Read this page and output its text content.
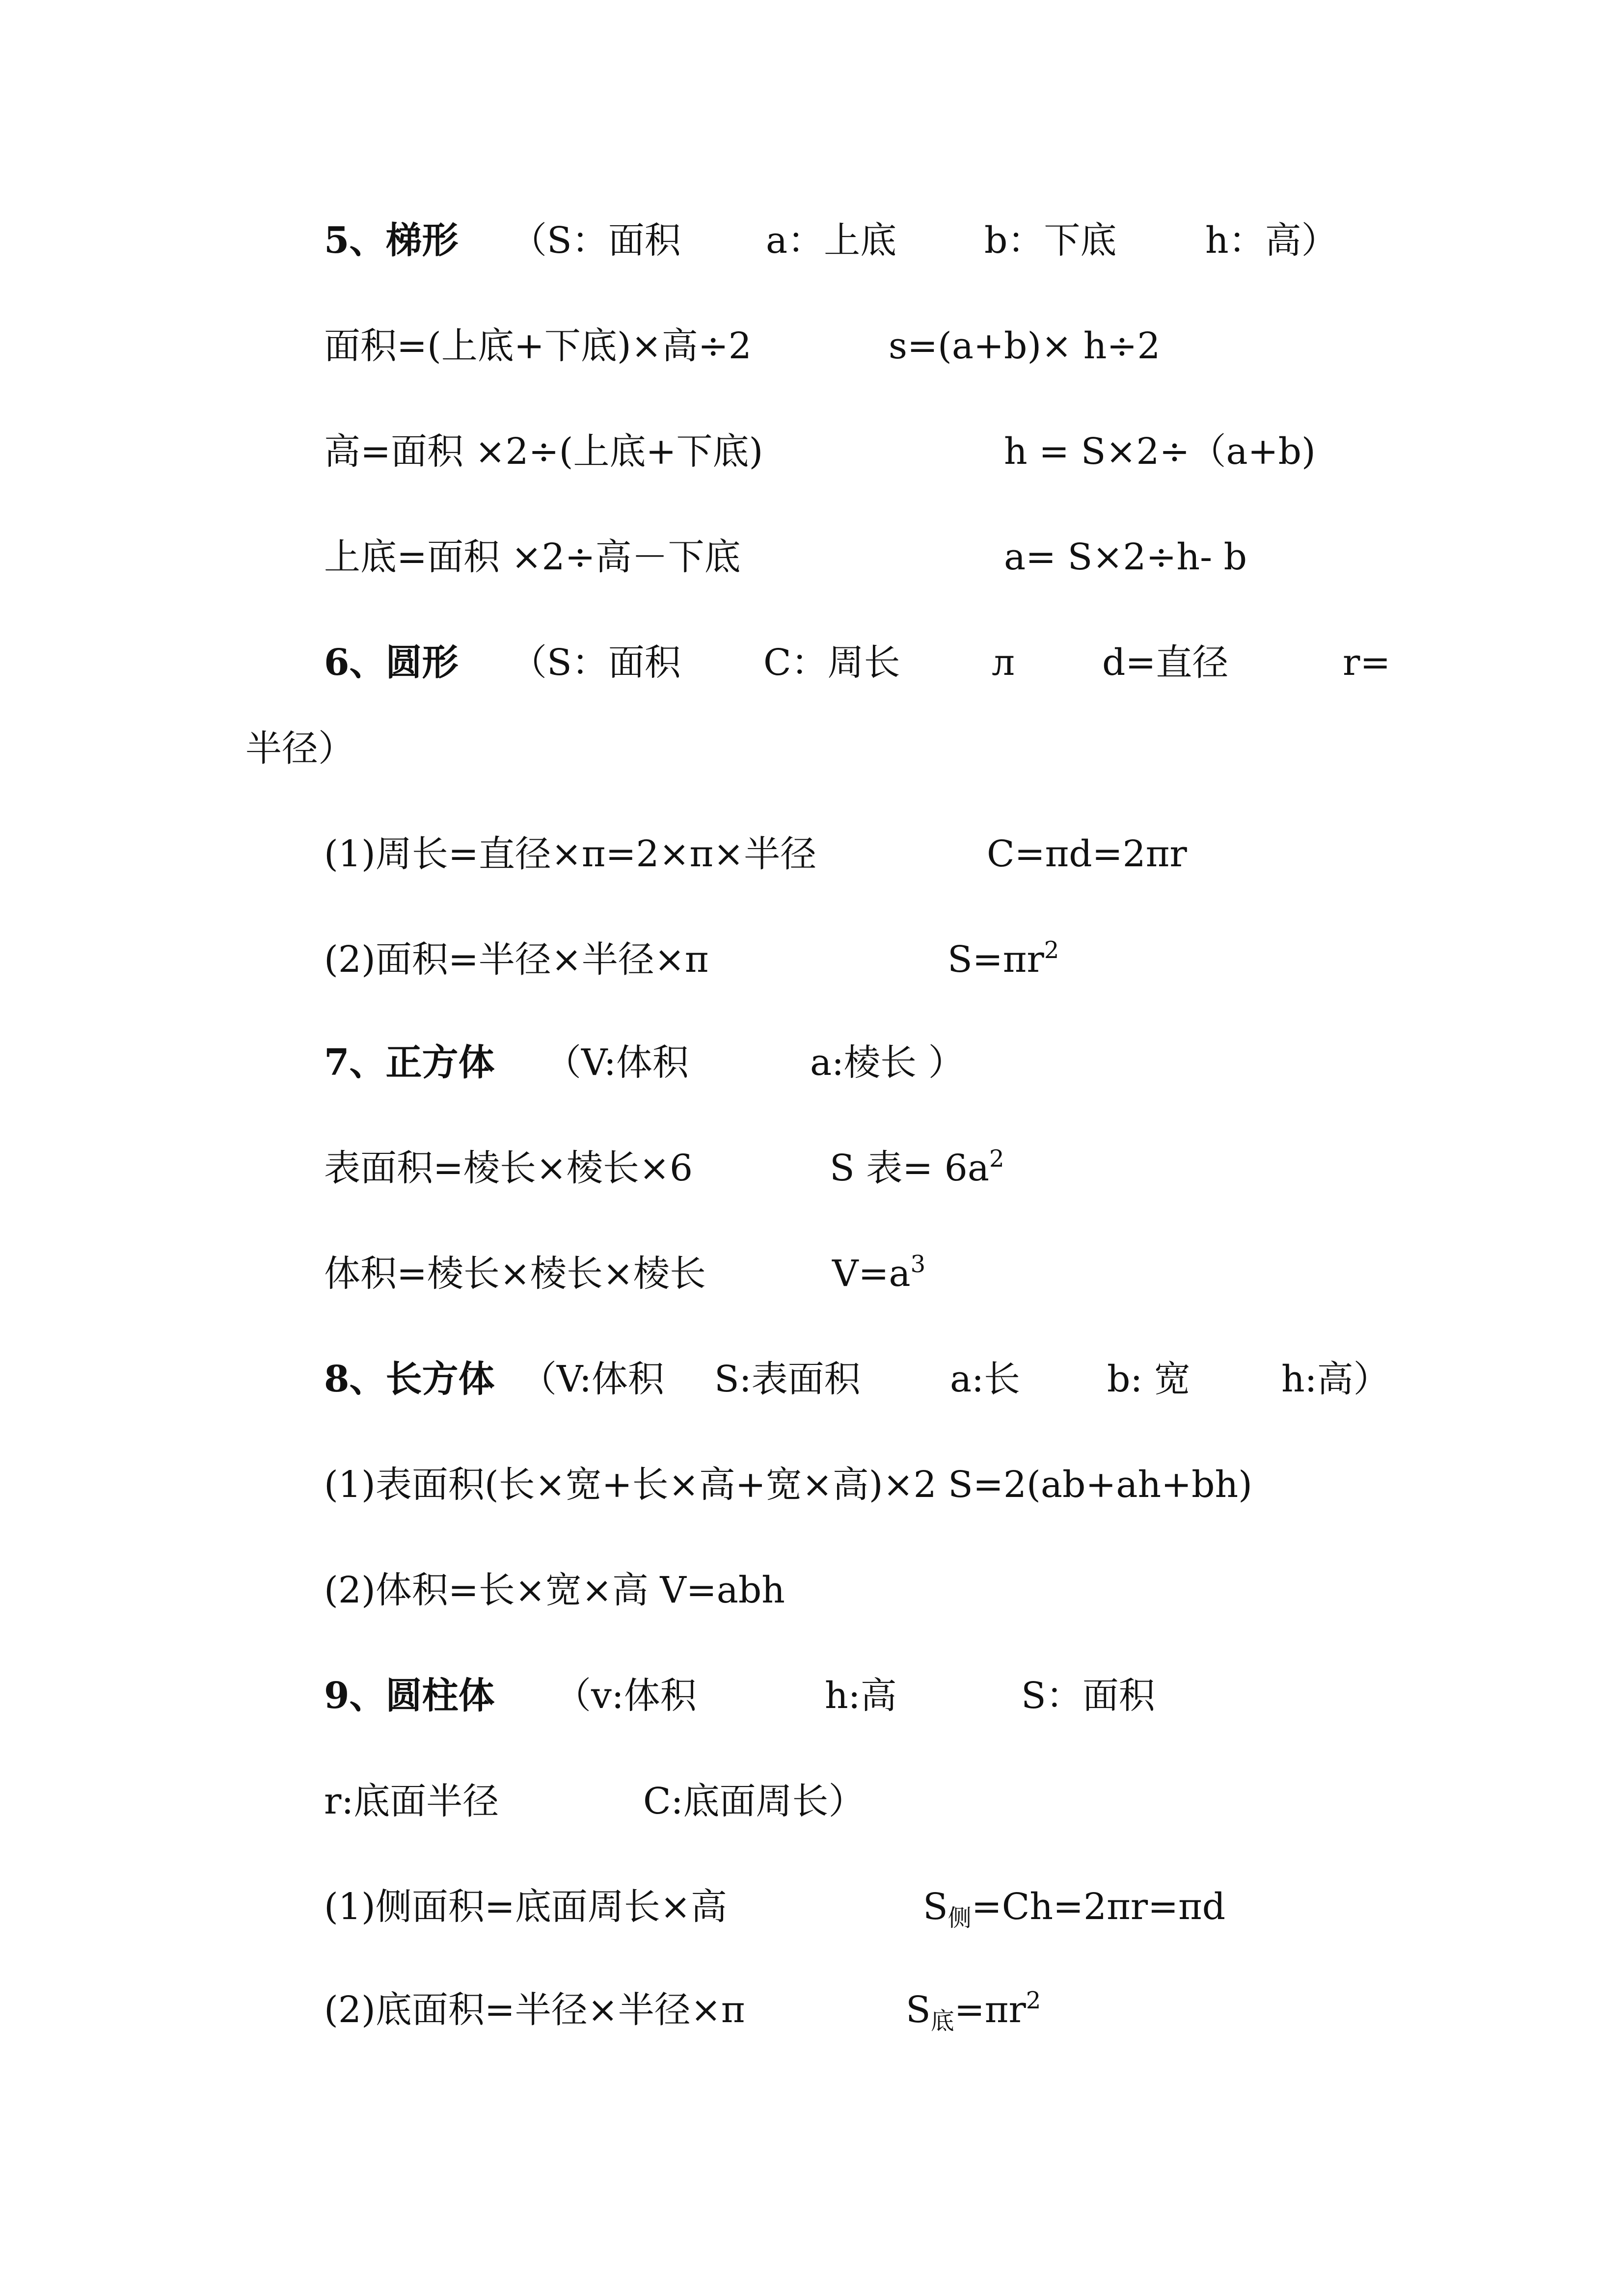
5、梯形 （S：面积 a：上底 b：下底 h：高）
面积=(上底+下底)×高÷2	s=(a+b)× h÷2
高=面积 ×2÷(上底+下底)	h = S×2÷（a+b)
上底=面积 ×2÷高－下底	a= S×2÷h- b
6、圆形 （S：面积 C：周长	л d=直径	r=
半径）
(1)周长=直径×π=2×π×半径	C=πd=2πr
(2)面积=半径×半径×π	$S=\pi r^2$
7、正方体 （V:体积	a:棱长 ）
表面积=棱长×棱长×6	S 表= $6a^2$
体积=棱长×棱长×棱长	$V=a^3$
8、长方体 （V:体积 S:表面积 a:长 b: 宽	h:高）
(1)表面积(长×宽+长×高+宽×高)×2 S=2(ab+ah+bh)
(2)体积=长×宽×高 V=abh
9、圆柱体 （v:体积	h:高	S：面积
r:底面半径	C:底面周长）
(1)侧面积=底面周长×高	$S_侧=Ch=2\pi r=\pi d$
(2)底面积=半径×半径×π	$S_底=\pi r^2$
